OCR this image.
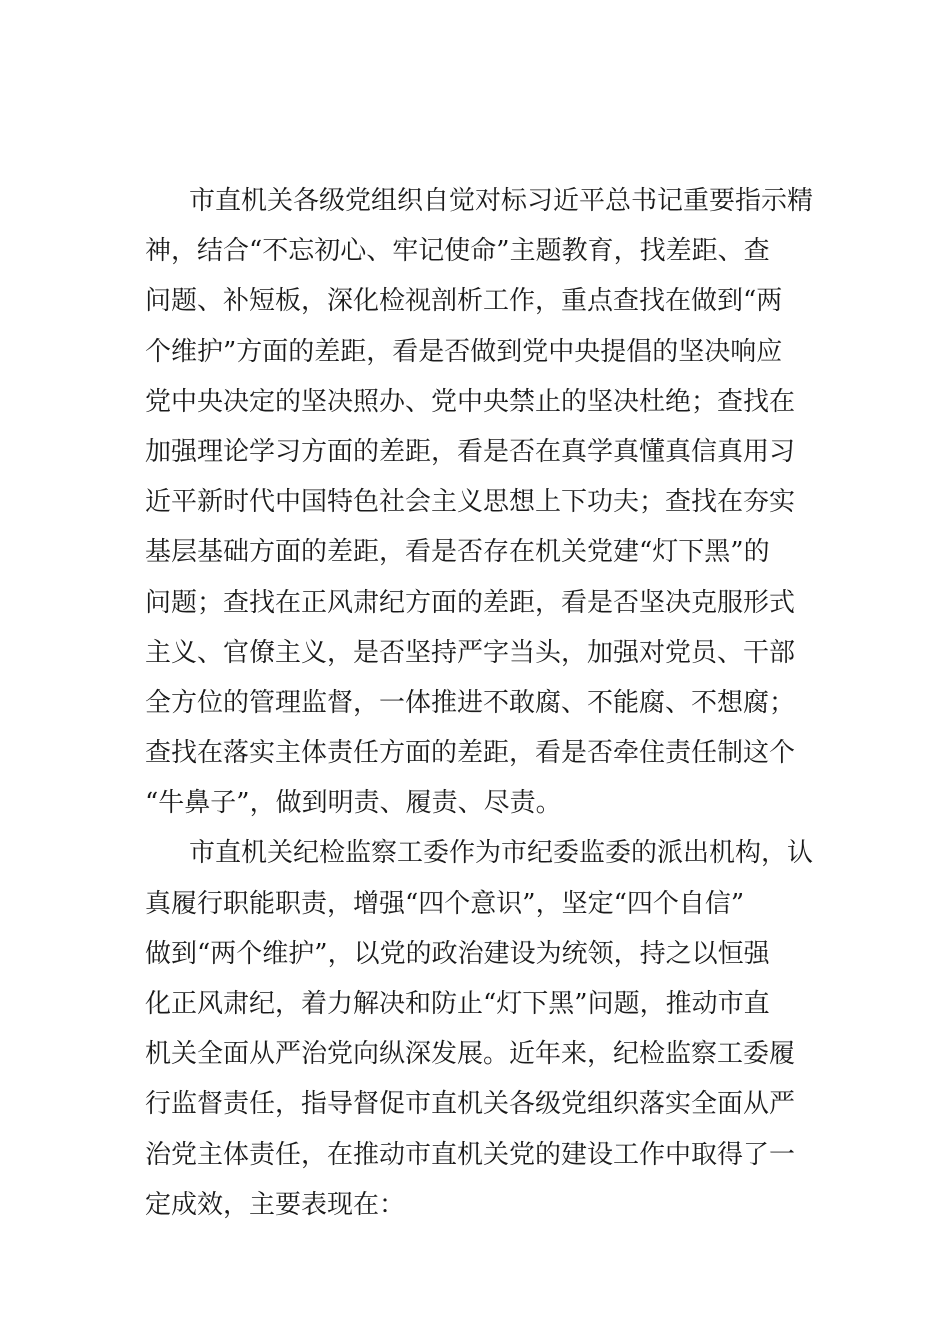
市直机关各级党组织自觉对标习近平总书记重要指示精
神，结合“不忘初心、牢记使命”主题教育，找差距、查
问题、补短板，深化检视剖析工作，重点查找在做到“两
个维护”方面的差距，看是否做到党中央提倡的坚决响应
党中央决定的坚决照办、党中央禁止的坚决杜绝；查找在
加强理论学习方面的差距，看是否在真学真懂真信真用习
近平新时代中国特色社会主义思想上下功夫；查找在夯实
基层基础方面的差距，看是否存在机关党建“灯下黑”的
问题；查找在正风肃纪方面的差距，看是否坚决克服形式
主义、官僚主义，是否坚持严字当头，加强对党员、干部
全方位的管理监督，一体推进不敢腐、不能腐、不想腐；
查找在落实主体责任方面的差距，看是否牵住责任制这个
“牛鼻子”，做到明责、履责、尽责。
市直机关纪检监察工委作为市纪委监委的派出机构，认
真履行职能职责，增强“四个意识”，坚定“四个自信”
做到“两个维护”，以党的政治建设为统领，持之以恒强
化正风肃纪，着力解决和防止“灯下黑”问题，推动市直
机关全面从严治党向纵深发展。近年来，纪检监察工委履
行监督责任，指导督促市直机关各级党组织落实全面从严
治党主体责任，在推动市直机关党的建设工作中取得了一
定成效，主要表现在：
